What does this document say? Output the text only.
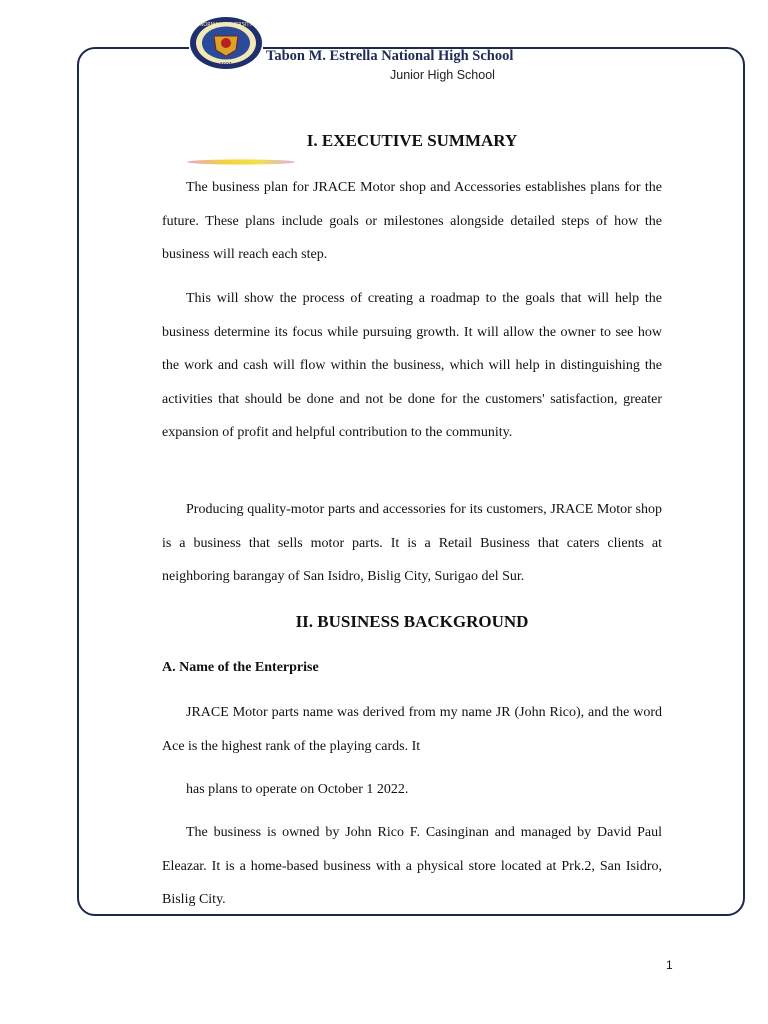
NORMAL UNIVERSITY
1901
Tabon M. Estrella National High School
Junior High School
I. EXECUTIVE SUMMARY
The business plan for JRACE Motor shop and Accessories establishes plans for the future. These plans include goals or milestones alongside detailed steps of how the business will reach each step.
This will show the process of creating a roadmap to the goals that will help the business determine its focus while pursuing growth. It will allow the owner to see how the work and cash will flow within the business, which will help in distinguishing the activities that should be done and not be done for the customers' satisfaction, greater expansion of profit and helpful contribution to the community.
Producing quality-motor parts and accessories for its customers, JRACE Motor shop is a business that sells motor parts. It is a Retail Business that caters clients at neighboring barangay of San Isidro, Bislig City, Surigao del Sur.
II. BUSINESS BACKGROUND
A. Name of the Enterprise
JRACE Motor parts name was derived from my name JR (John Rico), and the word Ace is the highest rank of the playing cards. It
has plans to operate on October 1 2022.
The business is owned by John Rico F. Casinginan and managed by David Paul Eleazar. It is a home-based business with a physical store located at Prk.2, San Isidro, Bislig City.
1
